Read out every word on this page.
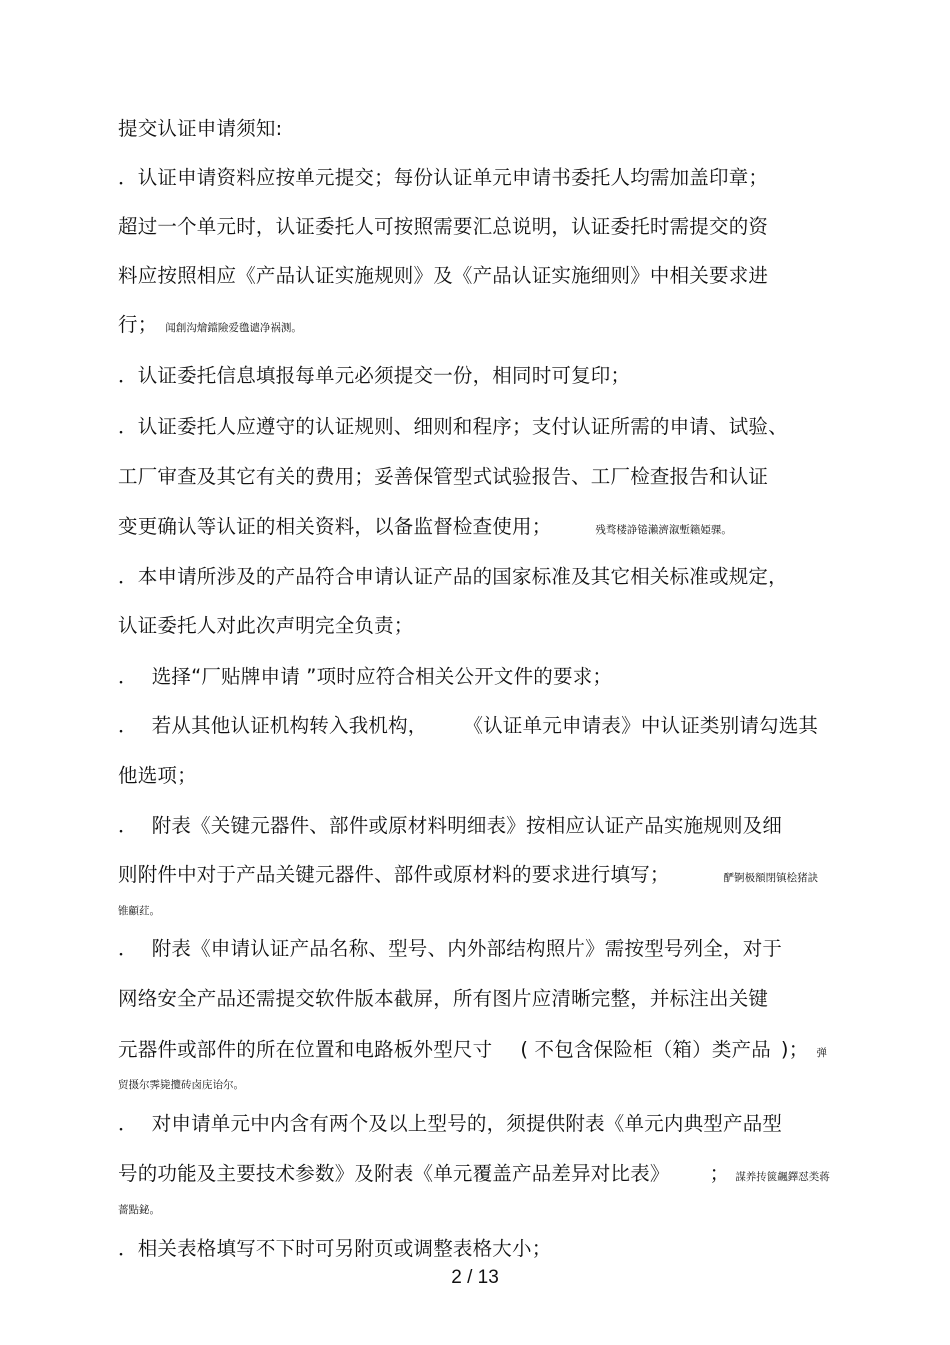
提交认证申请须知:
．认证申请资料应按单元提交；每份认证单元申请书委托人均需加盖印章；
超过一个单元时，认证委托人可按照需要汇总说明，认证委托时需提交的资
料应按照相应《产品认证实施规则》及《产品认证实施细则》中相关要求进
行； 闻創沟燴鐺險爱氇谴净祸测。
．认证委托信息填报每单元必须提交一份，相同时可复印；
．认证委托人应遵守的认证规则、细则和程序；支付认证所需的申请、试验、
工厂审查及其它有关的费用；妥善保管型式试验报告、工厂检查报告和认证
变更确认等认证的相关资料，以备监督检查使用；	残骛楼諍锩瀨濟溆塹籟婭骒。
．本申请所涉及的产品符合申请认证产品的国家标准及其它相关标准或规定，
认证委托人对此次声明完全负责；
． 选择“厂贴牌申请 ”项时应符合相关公开文件的要求；
． 若从其他认证机构转入我机构， 《认证单元申请表》中认证类别请勾选其
他选项；
． 附表《关键元器件、部件或原材料明细表》按相应认证产品实施规则及细
则附件中对于产品关键元器件、部件或原材料的要求进行填写；	酽锕极額閉镇桧猪訣
锥顧荭。
． 附表《申请认证产品名称、型号、内外部结构照片》需按型号列全，对于
网络安全产品还需提交软件版本截屏，所有图片应清晰完整，并标注出关键
元器件或部件的所在位置和电路板外型尺寸 ( 不包含保险柜（箱）类产品 )； 弹
贸摄尔霁毙攬砖卤庑诒尔。
． 对申请单元中内含有两个及以上型号的，须提供附表《单元内典型产品型
号的功能及主要技术参数》及附表《单元覆盖产品差异对比表》 ； 謀养抟篋飆鐸怼类蒋
薔點鉍。
．相关表格填写不下时可另附页或调整表格大小；
2 / 13
